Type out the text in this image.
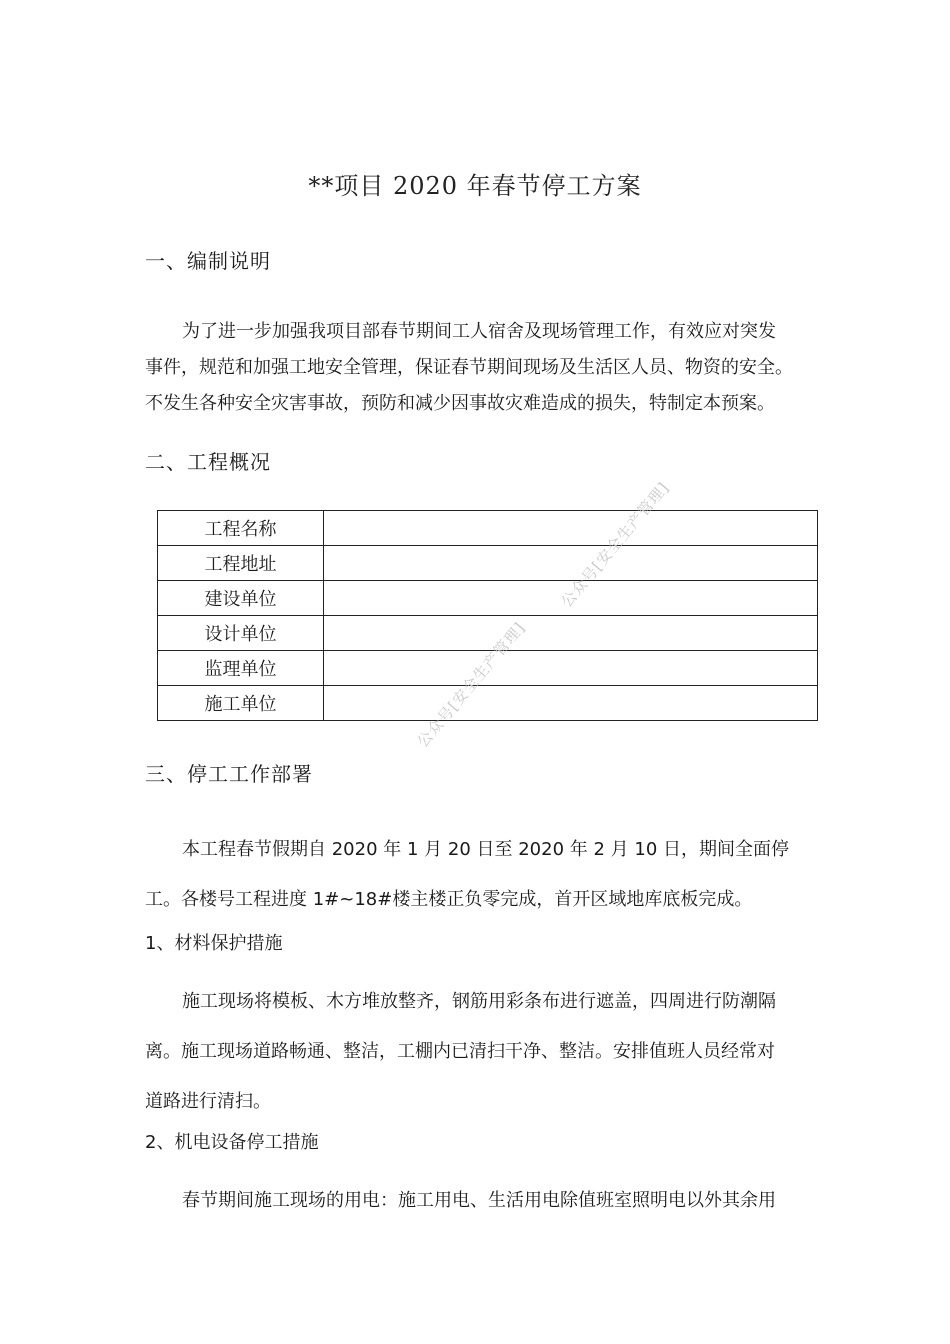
**项目 2020 年春节停工方案
一、编制说明
为了进一步加强我项目部春节期间工人宿舍及现场管理工作，有效应对突发
事件，规范和加强工地安全管理，保证春节期间现场及生活区人员、物资的安全。
不发生各种安全灾害事故，预防和减少因事故灾难造成的损失，特制定本预案。
二、工程概况
工程名称	
工程地址	
建设单位	
设计单位	
监理单位	
施工单位		公众号[安全生产管理]
公众号[安全生产管理]
三、停工工作部署
本工程春节假期自 2020 年 1 月 20 日至 2020 年 2 月 10 日，期间全面停
工。各楼号工程进度 1#~18#楼主楼正负零完成，首开区域地库底板完成。
1、材料保护措施
施工现场将模板、木方堆放整齐，钢筋用彩条布进行遮盖，四周进行防潮隔
离。施工现场道路畅通、整洁，工棚内已清扫干净、整洁。安排值班人员经常对
道路进行清扫。
2、机电设备停工措施
春节期间施工现场的用电：施工用电、生活用电除值班室照明电以外其余用
